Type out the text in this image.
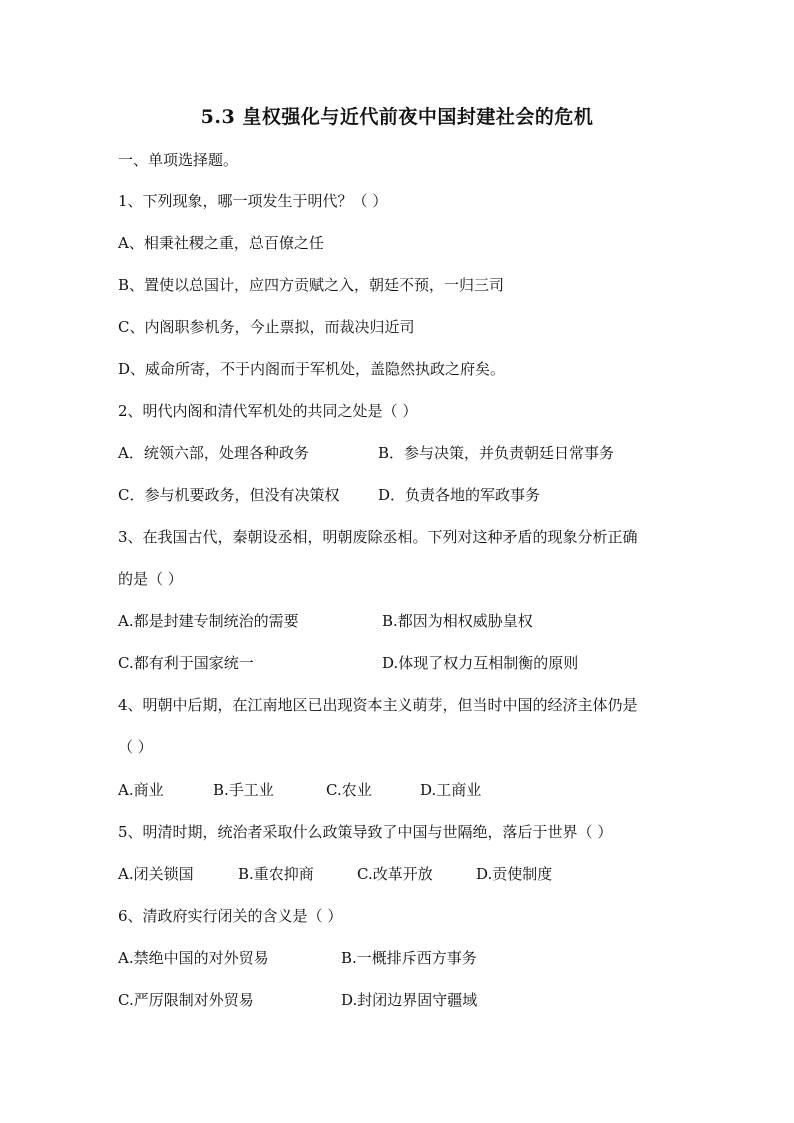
5.3 皇权强化与近代前夜中国封建社会的危机
一、单项选择题。
1、下列现象，哪一项发生于明代？（ ）
A、相秉社稷之重，总百僚之任
B、置使以总国计，应四方贡赋之入，朝廷不预，一归三司
C、内阁职参机务，今止票拟，而裁决归近司
D、威命所寄，不于内阁而于军机处，盖隐然执政之府矣。
2、明代内阁和清代军机处的共同之处是（ ）
A．统领六部，处理各种政务	B．参与决策，并负责朝廷日常事务
C．参与机要政务，但没有决策权	D．负责各地的军政事务
3、在我国古代，秦朝设丞相，明朝废除丞相。下列对这种矛盾的现象分析正确
的是（ ）
A.都是封建专制统治的需要	B.都因为相权威胁皇权
C.都有利于国家统一	D.体现了权力互相制衡的原则
4、明朝中后期，在江南地区已出现资本主义萌芽，但当时中国的经济主体仍是
（ ）
A.商业	B.手工业	C.农业	D.工商业
5、明清时期，统治者采取什么政策导致了中国与世隔绝，落后于世界（ ）
A.闭关锁国	B.重农抑商	C.改革开放	D.贡使制度
6、清政府实行闭关的含义是（ ）
A.禁绝中国的对外贸易	B.一概排斥西方事务
C.严厉限制对外贸易	D.封闭边界固守疆域
